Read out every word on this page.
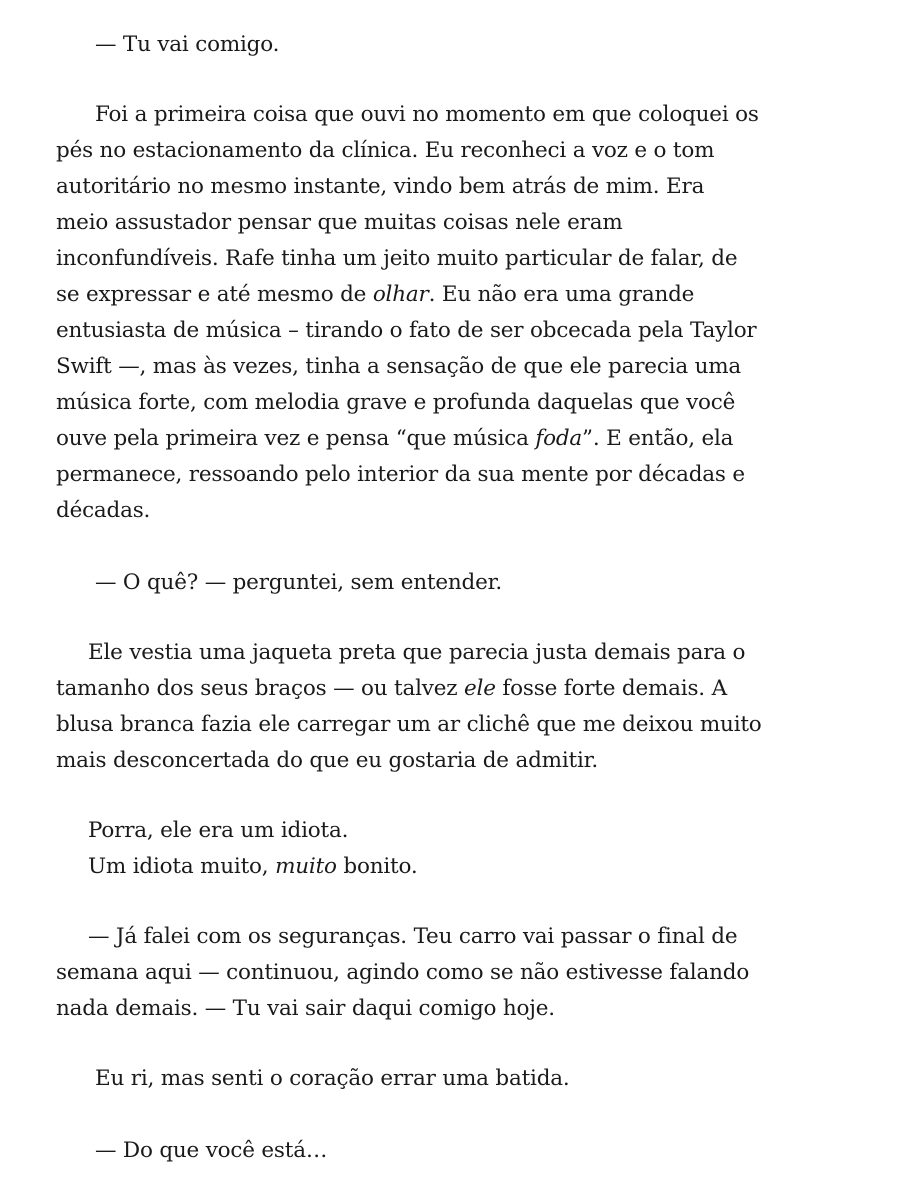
— Tu vai comigo.
Foi a primeira coisa que ouvi no momento em que coloquei os
pés no estacionamento da clínica. Eu reconheci a voz e o tom
autoritário no mesmo instante, vindo bem atrás de mim. Era
meio assustador pensar que muitas coisas nele eram
inconfundíveis. Rafe tinha um jeito muito particular de falar, de
se expressar e até mesmo de olhar. Eu não era uma grande
entusiasta de música – tirando o fato de ser obcecada pela Taylor
Swift —, mas às vezes, tinha a sensação de que ele parecia uma
música forte, com melodia grave e profunda daquelas que você
ouve pela primeira vez e pensa “que música foda”. E então, ela
permanece, ressoando pelo interior da sua mente por décadas e
décadas.
— O quê? — perguntei, sem entender.
Ele vestia uma jaqueta preta que parecia justa demais para o
tamanho dos seus braços — ou talvez ele fosse forte demais. A
blusa branca fazia ele carregar um ar clichê que me deixou muito
mais desconcertada do que eu gostaria de admitir.
Porra, ele era um idiota.
Um idiota muito, muito bonito.
— Já falei com os seguranças. Teu carro vai passar o final de
semana aqui — continuou, agindo como se não estivesse falando
nada demais. — Tu vai sair daqui comigo hoje.
Eu ri, mas senti o coração errar uma batida.
— Do que você está…
